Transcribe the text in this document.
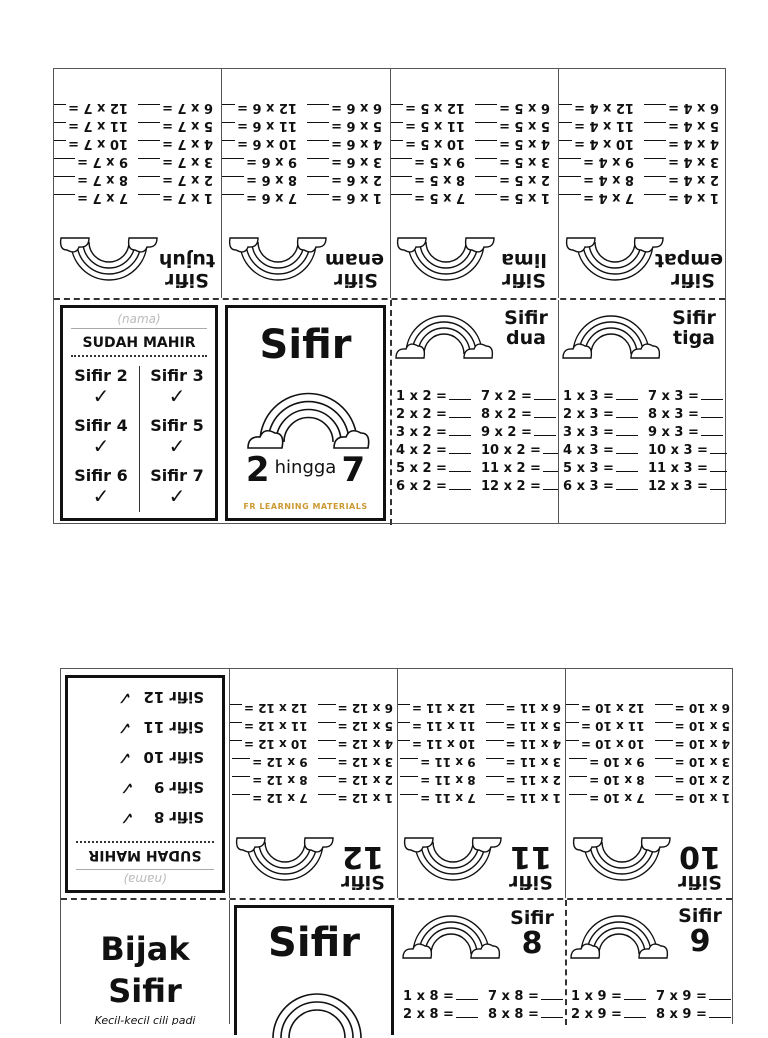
Sifir
tujuh
1 x 7 =
2 x 7 =
3 x 7 =
4 x 7 =
5 x 7 =
6 x 7 =
7 x 7 =
8 x 7 =
9 x 7 =
10 x 7 =
11 x 7 =
12 x 7 =
Sifir
enam
1 x 6 =
2 x 6 =
3 x 6 =
4 x 6 =
5 x 6 =
6 x 6 =
7 x 6 =
8 x 6 =
9 x 6 =
10 x 6 =
11 x 6 =
12 x 6 =
Sifir
lima
1 x 5 =
2 x 5 =
3 x 5 =
4 x 5 =
5 x 5 =
6 x 5 =
7 x 5 =
8 x 5 =
9 x 5 =
10 x 5 =
11 x 5 =
12 x 5 =
Sifir
empat
1 x 4 =
2 x 4 =
3 x 4 =
4 x 4 =
5 x 4 =
6 x 4 =
7 x 4 =
8 x 4 =
9 x 4 =
10 x 4 =
11 x 4 =
12 x 4 =
(nama)
SUDAH MAHIR
Sifir 2
✓
Sifir 3
✓
Sifir 4
✓
Sifir 5
✓
Sifir 6
✓
Sifir 7
✓
Sifir
2 hingga 7
FR LEARNING MATERIALS
Sifir
dua
1 x 2 =
2 x 2 =
3 x 2 =
4 x 2 =
5 x 2 =
6 x 2 =
7 x 2 =
8 x 2 =
9 x 2 =
10 x 2 =
11 x 2 =
12 x 2 =
Sifir
tiga
1 x 3 =
2 x 3 =
3 x 3 =
4 x 3 =
5 x 3 =
6 x 3 =
7 x 3 =
8 x 3 =
9 x 3 =
10 x 3 =
11 x 3 =
12 x 3 =
(nama)
SUDAH MAHIR
Sifir 8 ✓
Sifir 9 ✓
Sifir 10 ✓
Sifir 11 ✓
Sifir 12 ✓
Sifir
12
1 x 12 =
2 x 12 =
3 x 12 =
4 x 12 =
5 x 12 =
6 x 12 =
7 x 12 =
8 x 12 =
9 x 12 =
10 x 12 =
11 x 12 =
12 x 12 =
Sifir
11
1 x 11 =
2 x 11 =
3 x 11 =
4 x 11 =
5 x 11 =
6 x 11 =
7 x 11 =
8 x 11 =
9 x 11 =
10 x 11 =
11 x 11 =
12 x 11 =
Sifir
10
1 x 10 =
2 x 10 =
3 x 10 =
4 x 10 =
5 x 10 =
6 x 10 =
7 x 10 =
8 x 10 =
9 x 10 =
10 x 10 =
11 x 10 =
12 x 10 =
Bijak
Sifir
Kecil-kecil cili padi
Sifir
Sifir
8
1 x 8 =
2 x 8 =
7 x 8 =
8 x 8 =
Sifir
9
1 x 9 =
2 x 9 =
7 x 9 =
8 x 9 =
